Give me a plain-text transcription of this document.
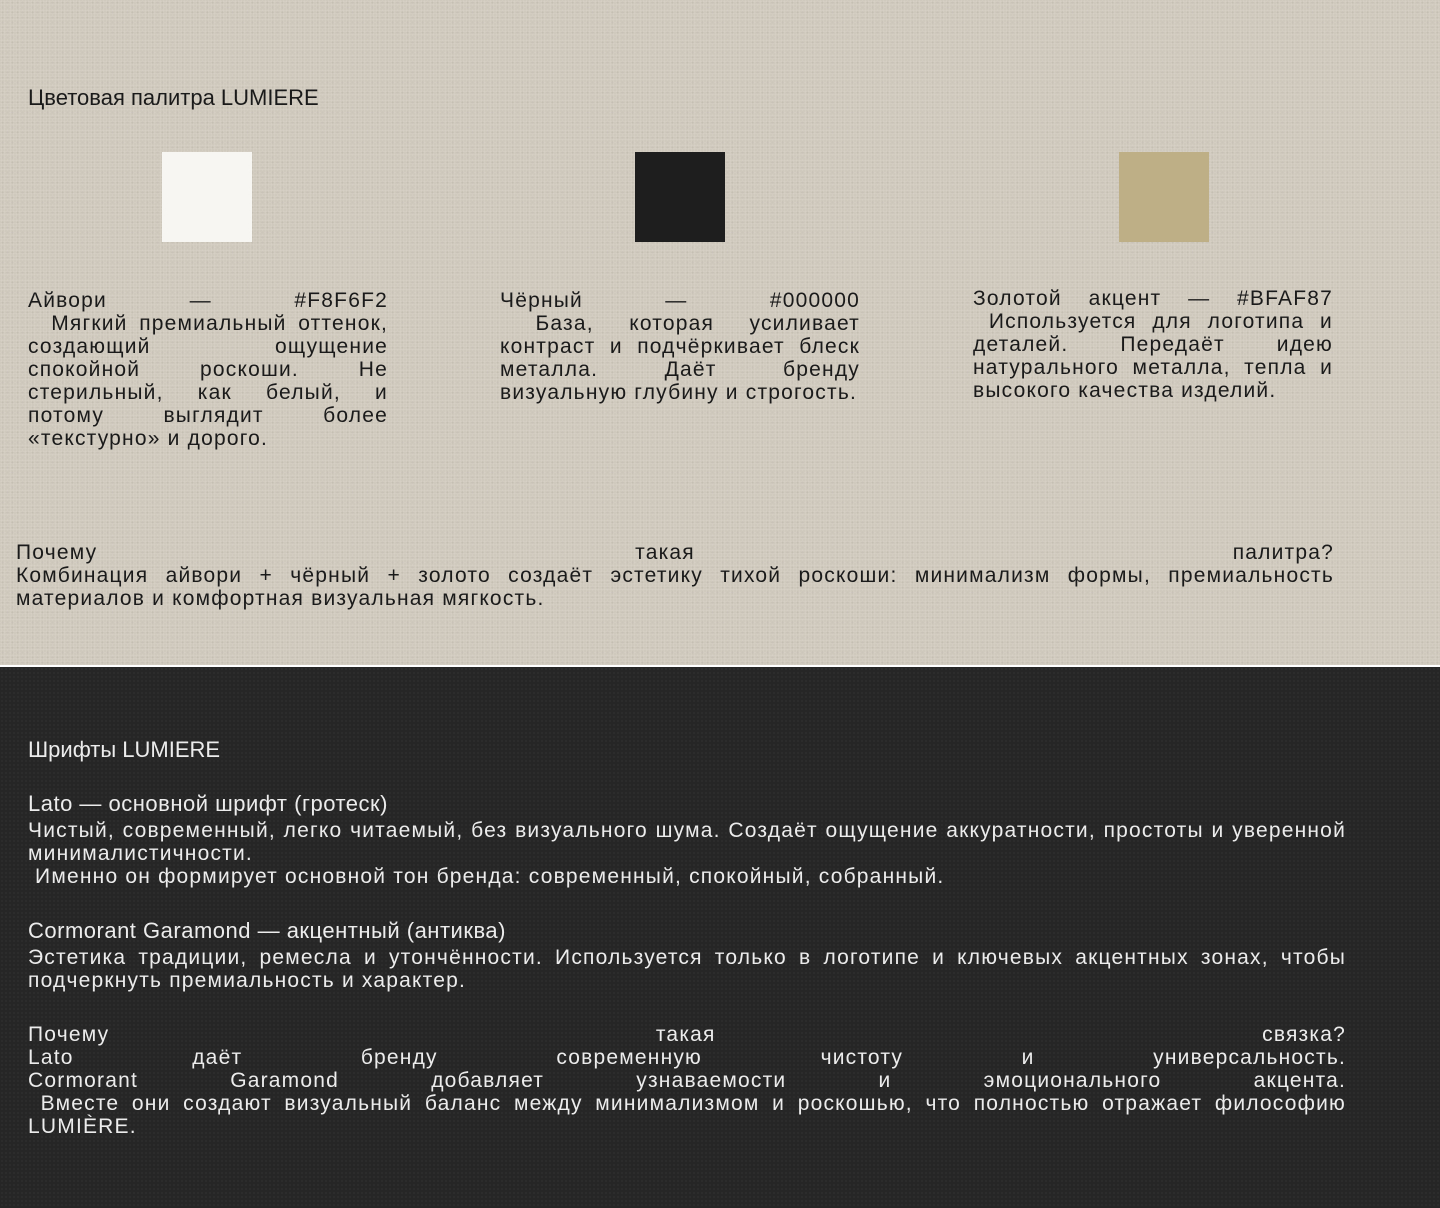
Цветовая палитра LUMIERE
Айвори — #F8F6F2
Мягкий премиальный оттенок, создающий ощущение спокойной роскоши. Не стерильный, как белый, и потому выглядит более «текстурно» и дорого.
Чёрный — #000000
База, которая усиливает контраст и подчёркивает блеск металла. Даёт бренду визуальную глубину и строгость.
Золотой акцент — #BFAF87
Используется для логотипа и деталей. Передаёт идею натурального металла, тепла и высокого качества изделий.
Почему такая палитра?
Комбинация айвори + чёрный + золото создаёт эстетику тихой роскоши: минимализм формы, премиальность материалов и комфортная визуальная мягкость.
Шрифты LUMIERE
Lato — основной шрифт (гротеск)
Чистый, современный, легко читаемый, без визуального шума. Создаёт ощущение аккуратности, простоты и уверенной минималистичности.
Именно он формирует основной тон бренда: современный, спокойный, собранный.
Cormorant Garamond — акцентный (антиква)
Эстетика традиции, ремесла и утончённости. Используется только в логотипе и ключевых акцентных зонах, чтобы подчеркнуть премиальность и характер.
Почему такая связка?
Lato даёт бренду современную чистоту и универсальность.
Cormorant Garamond добавляет узнаваемости и эмоционального акцента.
Вместе они создают визуальный баланс между минимализмом и роскошью, что полностью отражает философию LUMIÈRE.
